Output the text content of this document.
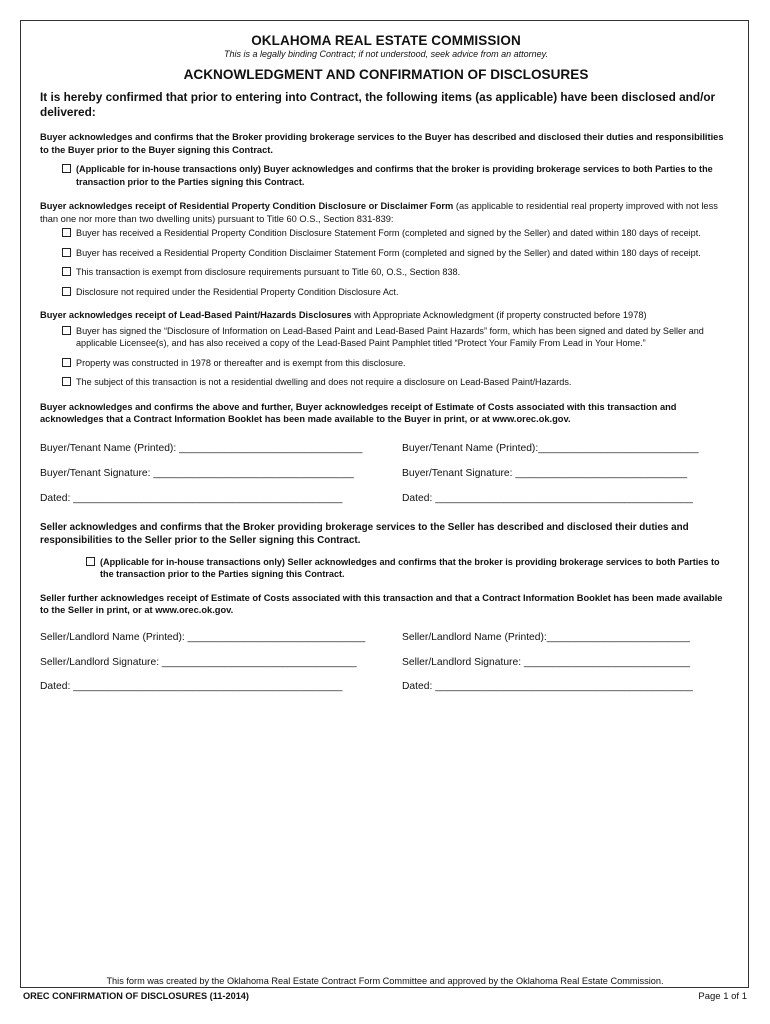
OKLAHOMA REAL ESTATE COMMISSION
This is a legally binding Contract; if not understood, seek advice from an attorney.
ACKNOWLEDGMENT AND CONFIRMATION OF DISCLOSURES
It is hereby confirmed that prior to entering into Contract, the following items (as applicable) have been disclosed and/or delivered:
Buyer acknowledges and confirms that the Broker providing brokerage services to the Buyer has described and disclosed their duties and responsibilities to the Buyer prior to the Buyer signing this Contract.
(Applicable for in-house transactions only) Buyer acknowledges and confirms that the broker is providing brokerage services to both Parties to the transaction prior to the Parties signing this Contract.
Buyer acknowledges receipt of Residential Property Condition Disclosure or Disclaimer Form (as applicable to residential real property improved with not less than one nor more than two dwelling units) pursuant to Title 60 O.S., Section 831-839:
Buyer has received a Residential Property Condition Disclosure Statement Form (completed and signed by the Seller) and dated within 180 days of receipt.
Buyer has received a Residential Property Condition Disclaimer Statement Form (completed and signed by the Seller) and dated within 180 days of receipt.
This transaction is exempt from disclosure requirements pursuant to Title 60, O.S., Section 838.
Disclosure not required under the Residential Property Condition Disclosure Act.
Buyer acknowledges receipt of Lead-Based Paint/Hazards Disclosures with Appropriate Acknowledgment (if property constructed before 1978)
Buyer has signed the “Disclosure of Information on Lead-Based Paint and Lead-Based Paint Hazards” form, which has been signed and dated by Seller and applicable Licensee(s), and has also received a copy of the Lead-Based Paint Pamphlet titled “Protect Your Family From Lead in Your Home.”
Property was constructed in 1978 or thereafter and is exempt from this disclosure.
The subject of this transaction is not a residential dwelling and does not require a disclosure on Lead-Based Paint/Hazards.
Buyer acknowledges and confirms the above and further, Buyer acknowledges receipt of Estimate of Costs associated with this transaction and acknowledges that a Contract Information Booklet has been made available to the Buyer in print, or at www.orec.ok.gov.
Buyer/Tenant Name (Printed): ________________________________	Buyer/Tenant Name (Printed):____________________________
Buyer/Tenant Signature: ___________________________________	Buyer/Tenant Signature: ______________________________
Dated: _______________________________________________	Dated: _____________________________________________
Seller acknowledges and confirms that the Broker providing brokerage services to the Seller has described and disclosed their duties and responsibilities to the Seller prior to the Seller signing this Contract.
(Applicable for in-house transactions only) Seller acknowledges and confirms that the broker is providing brokerage services to both Parties to the transaction prior to the Parties signing this Contract.
Seller further acknowledges receipt of Estimate of Costs associated with this transaction and that a Contract Information Booklet has been made available to the Seller in print, or at www.orec.ok.gov.
Seller/Landlord Name (Printed): _______________________________	Seller/Landlord Name (Printed):_________________________
Seller/Landlord Signature: __________________________________	Seller/Landlord Signature: _____________________________
Dated: _______________________________________________	Dated: _____________________________________________
This form was created by the Oklahoma Real Estate Contract Form Committee and approved by the Oklahoma Real Estate Commission.
OREC CONFIRMATION OF DISCLOSURES (11-2014)	Page 1 of 1
